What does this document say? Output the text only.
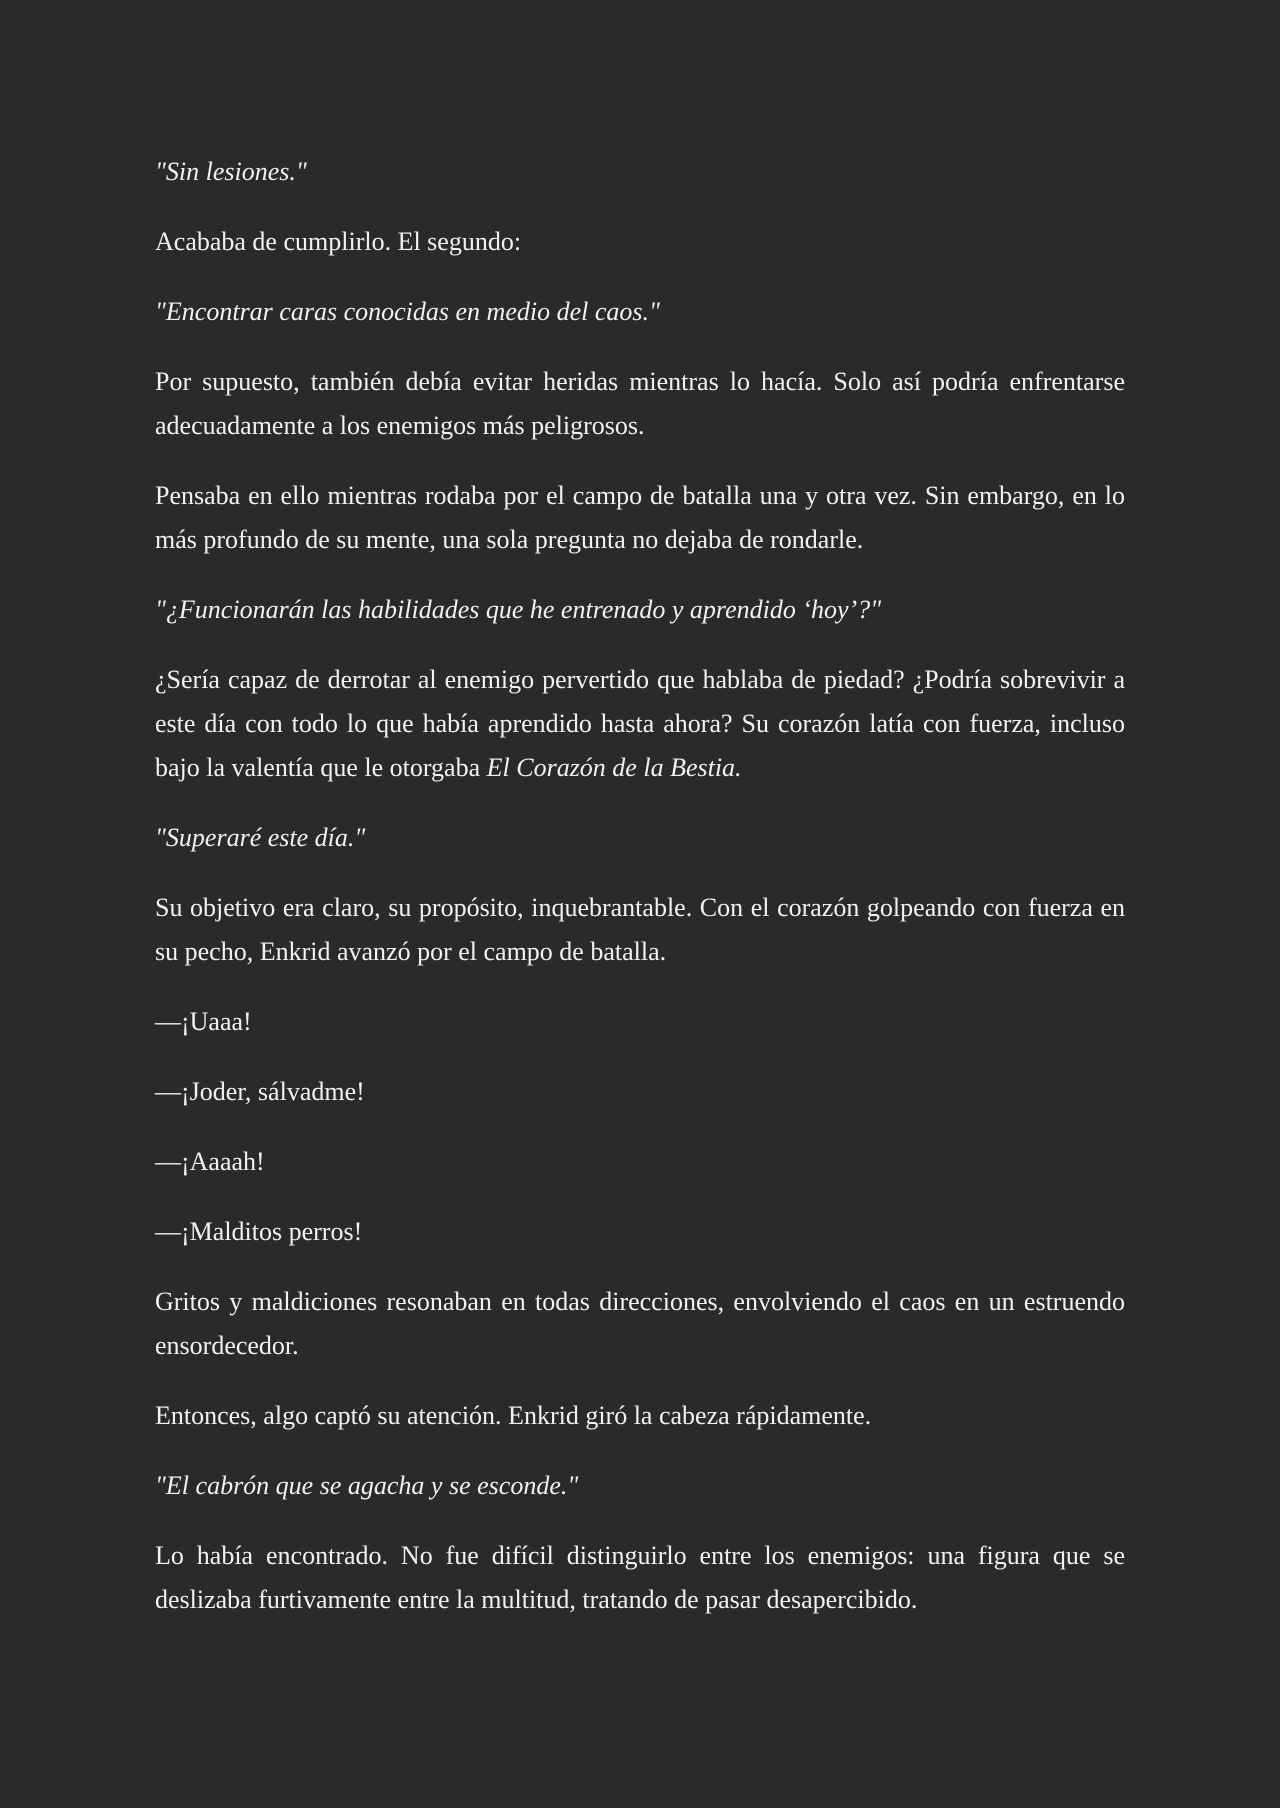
"Sin lesiones."

Acababa de cumplirlo. El segundo:

"Encontrar caras conocidas en medio del caos."

Por supuesto, también debía evitar heridas mientras lo hacía. Solo así podría enfrentarse adecuadamente a los enemigos más peligrosos.

Pensaba en ello mientras rodaba por el campo de batalla una y otra vez. Sin embargo, en lo más profundo de su mente, una sola pregunta no dejaba de rondarle.

"¿Funcionarán las habilidades que he entrenado y aprendido ‘hoy’?"

¿Sería capaz de derrotar al enemigo pervertido que hablaba de piedad? ¿Podría sobrevivir a este día con todo lo que había aprendido hasta ahora? Su corazón latía con fuerza, incluso bajo la valentía que le otorgaba El Corazón de la Bestia.

"Superaré este día."

Su objetivo era claro, su propósito, inquebrantable. Con el corazón golpeando con fuerza en su pecho, Enkrid avanzó por el campo de batalla.

—¡Uaaa!

—¡Joder, sálvadme!

—¡Aaaah!

—¡Malditos perros!

Gritos y maldiciones resonaban en todas direcciones, envolviendo el caos en un estruendo ensordecedor.

Entonces, algo captó su atención. Enkrid giró la cabeza rápidamente.

"El cabrón que se agacha y se esconde."

Lo había encontrado. No fue difícil distinguirlo entre los enemigos: una figura que se deslizaba furtivamente entre la multitud, tratando de pasar desapercibido.
